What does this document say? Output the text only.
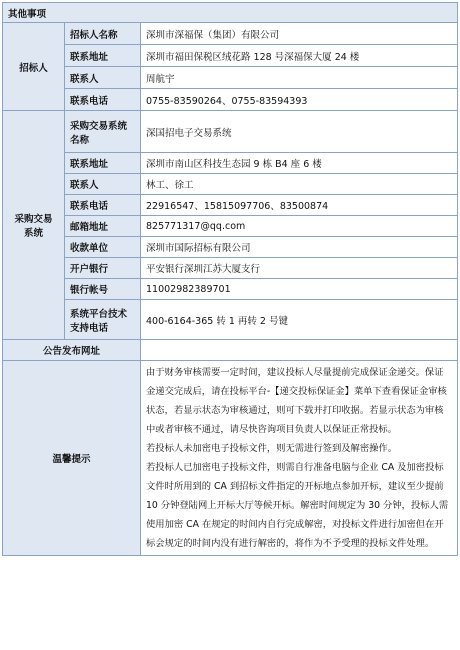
其他事项		
招标人	招标人名称	深圳市深福保（集团）有限公司
	联系地址	深圳市福田保税区绒花路 128 号深福保大厦 24 楼
	联系人	周航宇
	联系电话	0755-83590264、0755-83594393
采购交易
系统	采购交易系统名称	深国招电子交易系统
	联系地址	深圳市南山区科技生态园 9 栋 B4 座 6 楼
	联系人	林工、徐工
	联系电话	22916547、15815097706、83500874
	邮箱地址	825771317@qq.com
	收款单位	深圳市国际招标有限公司
	开户银行	平安银行深圳江苏大厦支行
	银行帐号	11002982389701
	系统平台技术支持电话	400-6164-365 转 1 再转 2 号键
公告发布网址		
温馨提示		由于财务审核需要一定时间，建议投标人尽量提前完成保证金递交。保证金递交完成后，请在投标平台-【递交投标保证金】菜单下查看保证金审核状态，若显示状态为审核通过，则可下载并打印收据。若显示状态为审核中或者审核不通过，请尽快咨询项目负责人以保证正常投标。

若投标人未加密电子投标文件，则无需进行签到及解密操作。

若投标人已加密电子投标文件，则需自行准备电脑与企业 CA 及加密投标文件时所用到的 CA 到招标文件指定的开标地点参加开标，建议至少提前 10 分钟登陆网上开标大厅等候开标。解密时间规定为 30 分钟，投标人需使用加密 CA 在规定的时间内自行完成解密，对投标文件进行加密但在开标会规定的时间内没有进行解密的，将作为不予受理的投标文件处理。
